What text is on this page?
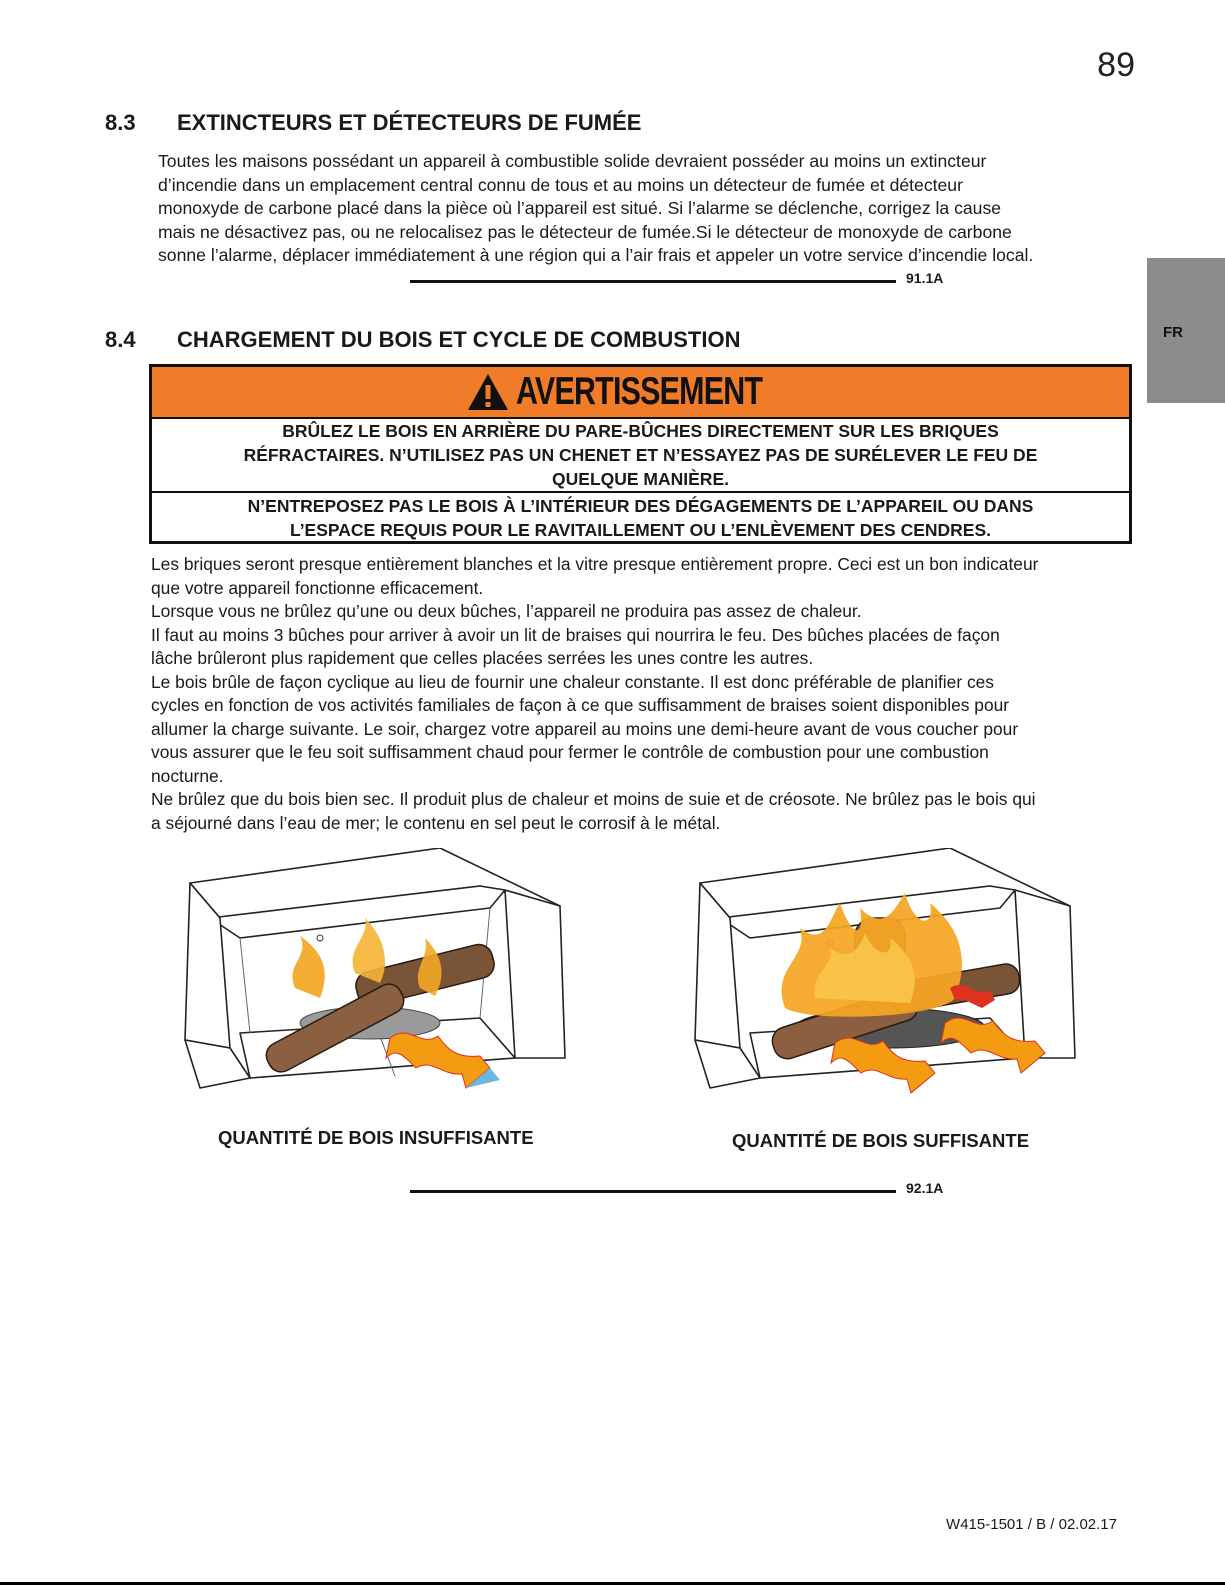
89
FR
8.3 EXTINCTEURS ET DÉTECTEURS DE FUMÉE
Toutes les maisons possédant un appareil à combustible solide devraient posséder au moins un extincteur
d’incendie dans un emplacement central connu de tous et au moins un détecteur de fumée et détecteur
monoxyde de carbone placé dans la pièce où l’appareil est situé. Si l’alarme se déclenche, corrigez la cause
mais ne désactivez pas, ou ne relocalisez pas le détecteur de fumée.Si le détecteur de monoxyde de carbone
sonne l’alarme, déplacer immédiatement à une région qui a l’air frais et appeler un votre service d’incendie local.
91.1A
8.4 CHARGEMENT DU BOIS ET CYCLE DE COMBUSTION
AVERTISSEMENT
BRÛLEZ LE BOIS EN ARRIÈRE DU PARE-BÛCHES DIRECTEMENT SUR LES BRIQUES
RÉFRACTAIRES. N’UTILISEZ PAS UN CHENET ET N’ESSAYEZ PAS DE SURÉLEVER LE FEU DE
QUELQUE MANIÈRE.
N’ENTREPOSEZ PAS LE BOIS À L’INTÉRIEUR DES DÉGAGEMENTS DE L’APPAREIL OU DANS
L’ESPACE REQUIS POUR LE RAVITAILLEMENT OU L’ENLÈVEMENT DES CENDRES.
Les briques seront presque entièrement blanches et la vitre presque entièrement propre. Ceci est un bon indicateur
que votre appareil fonctionne efficacement.
Lorsque vous ne brûlez qu’une ou deux bûches, l’appareil ne produira pas assez de chaleur.
Il faut au moins 3 bûches pour arriver à avoir un lit de braises qui nourrira le feu. Des bûches placées de façon
lâche brûleront plus rapidement que celles placées serrées les unes contre les autres.
Le bois brûle de façon cyclique au lieu de fournir une chaleur constante. Il est donc préférable de planifier ces
cycles en fonction de vos activités familiales de façon à ce que suffisamment de braises soient disponibles pour
allumer la charge suivante. Le soir, chargez votre appareil au moins une demi-heure avant de vous coucher pour
vous assurer que le feu soit suffisamment chaud pour fermer le contrôle de combustion pour une combustion
nocturne.
Ne brûlez que du bois bien sec. Il produit plus de chaleur et moins de suie et de créosote. Ne brûlez pas le bois qui
a séjourné dans l’eau de mer; le contenu en sel peut le corrosif à le métal.
QUANTITÉ DE BOIS INSUFFISANTE	QUANTITÉ DE BOIS SUFFISANTE
92.1A
W415-1501 / B / 02.02.17
